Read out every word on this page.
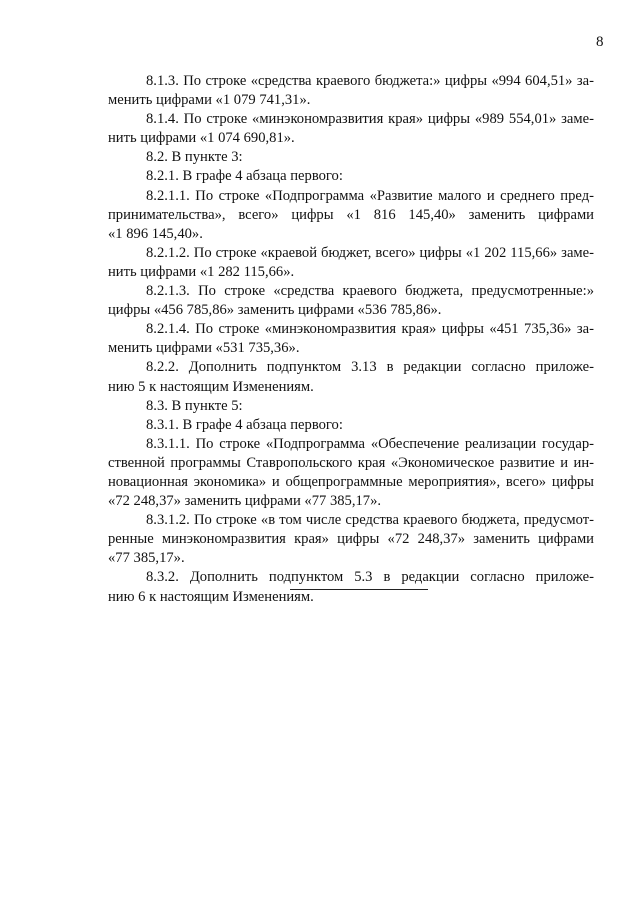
8
8.1.3. По строке «средства краевого бюджета:» цифры «994 604,51» за-
менить цифрами «1 079 741,31».
8.1.4. По строке «минэкономразвития края» цифры «989 554,01» заме-
нить цифрами «1 074 690,81».
8.2. В пункте 3:
8.2.1. В графе 4 абзаца первого:
8.2.1.1. По строке «Подпрограмма «Развитие малого и среднего пред-
принимательства», всего» цифры «1 816 145,40» заменить цифрами
«1 896 145,40».
8.2.1.2. По строке «краевой бюджет, всего» цифры «1 202 115,66» заме-
нить цифрами «1 282 115,66».
8.2.1.3. По строке «средства краевого бюджета, предусмотренные:»
цифры «456 785,86» заменить цифрами «536 785,86».
8.2.1.4. По строке «минэкономразвития края» цифры «451 735,36» за-
менить цифрами «531 735,36».
8.2.2. Дополнить подпунктом 3.13 в редакции согласно приложе-
нию 5 к настоящим Изменениям.
8.3. В пункте 5:
8.3.1. В графе 4 абзаца первого:
8.3.1.1. По строке «Подпрограмма «Обеспечение реализации государ-
ственной программы Ставропольского края «Экономическое развитие и ин-
новационная экономика» и общепрограммные мероприятия», всего» цифры
«72 248,37» заменить цифрами «77 385,17».
8.3.1.2. По строке «в том числе средства краевого бюджета, предусмот-
ренные минэкономразвития края» цифры «72 248,37» заменить цифрами
«77 385,17».
8.3.2. Дополнить подпунктом 5.3 в редакции согласно приложе-
нию 6 к настоящим Изменениям.
